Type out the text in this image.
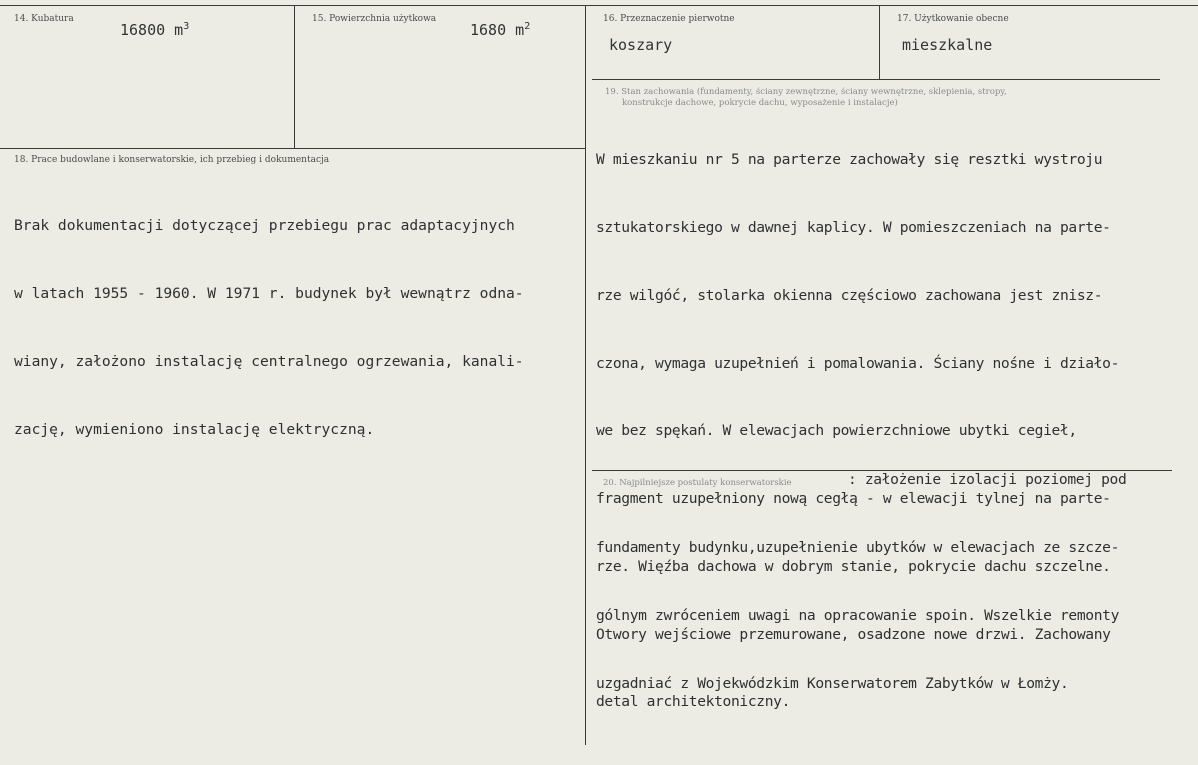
14. Kubatura
16800 $m^3$
15. Powierzchnia użytkowa
1680 $m^2$
16. Przeznaczenie pierwotne
koszary
17. Użytkowanie obecne
mieszkalne
18. Prace budowlane i konserwatorskie, ich przebieg i dokumentacja

Brak dokumentacji dotyczącej przebiegu prac adaptacyjnych

w latach 1955 - 1960. W 1971 r. budynek był wewnątrz odna-

wiany, założono instalację centralnego ogrzewania, kanali-

zację, wymieniono instalację elektryczną.

19. Stan zachowania (fundamenty, ściany zewnętrzne, ściany wewnętrzne, sklepienia, stropy,
konstrukcje dachowe, pokrycie dachu, wyposażenie i instalacje)

W mieszkaniu nr 5 na parterze zachowały się resztki wystroju

sztukatorskiego w dawnej kaplicy. W pomieszczeniach na parte-

rze wilgóć, stolarka okienna częściowo zachowana jest znisz-

czona, wymaga uzupełnień i pomalowania. Ściany nośne i działo-

we bez spękań. W elewacjach powierzchniowe ubytki cegieł,

fragment uzupełniony nową cegłą - w elewacji tylnej na parte-

rze. Więźba dachowa w dobrym stanie, pokrycie dachu szczelne.

Otwory wejściowe przemurowane, osadzone nowe drzwi. Zachowany

detal architektoniczny.

20. Najpilniejsze postulaty konserwatorskie	: założenie izolacji poziomej pod

fundamenty budynku,uzupełnienie ubytków w elewacjach ze szcze-

gólnym zwróceniem uwagi na opracowanie spoin. Wszelkie remonty

uzgadniać z Wojekwódzkim Konserwatorem Zabytków w Łomży.
